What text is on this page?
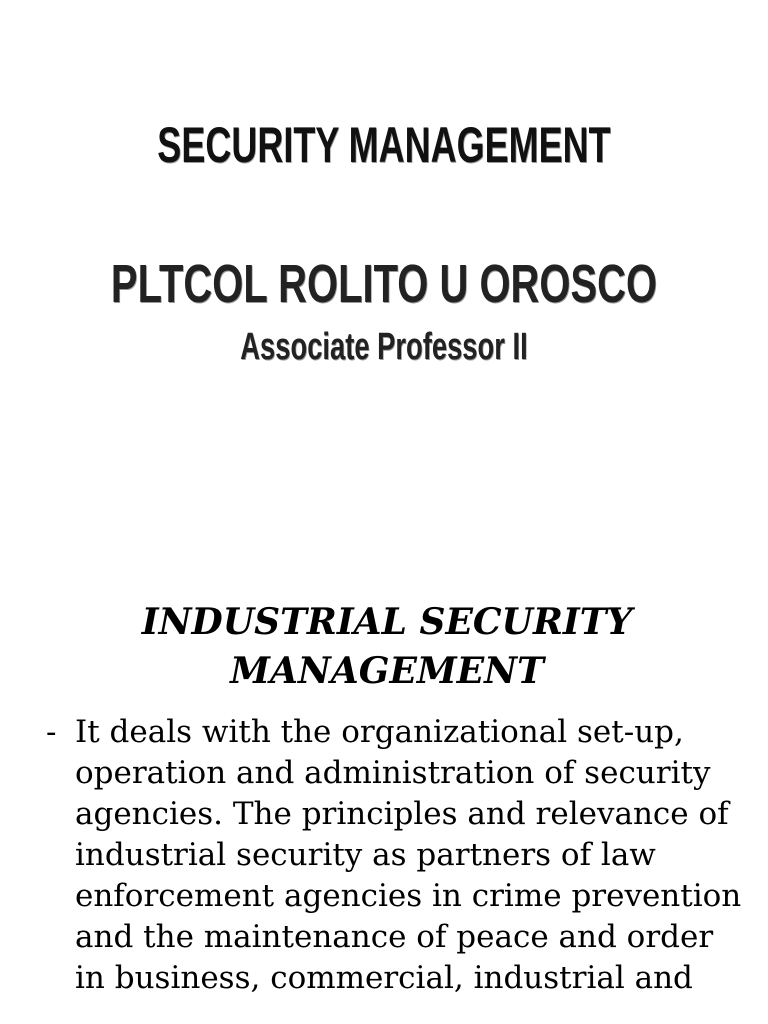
SECURITY MANAGEMENT
PLTCOL ROLITO U OROSCO
Associate Professor II
INDUSTRIAL SECURITY MANAGEMENT
- It deals with the organizational set-up, operation and administration of security agencies. The principles and relevance of industrial security as partners of law enforcement agencies in crime prevention and the maintenance of peace and order in business, commercial, industrial and
